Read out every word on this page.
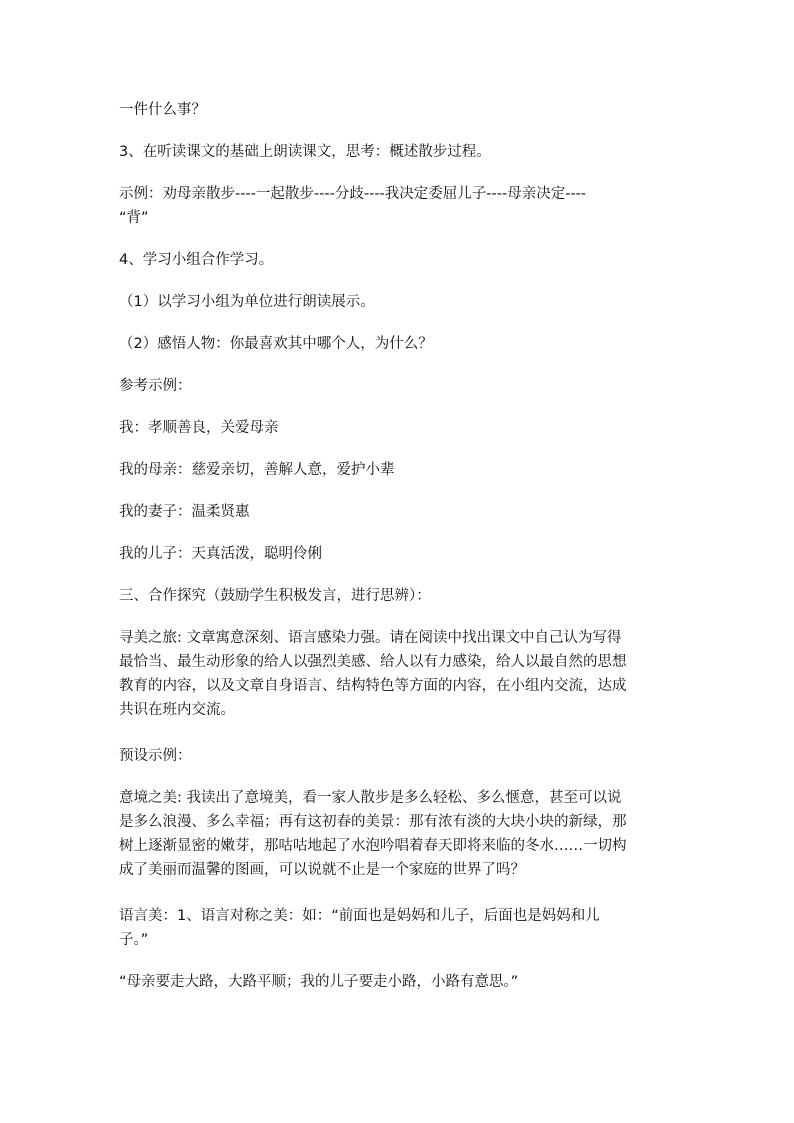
一件什么事？
3、在听读课文的基础上朗读课文，思考：概述散步过程。
示例：劝母亲散步----一起散步----分歧----我决定委屈儿子----母亲决定----
“背”
4、学习小组合作学习。
（1）以学习小组为单位进行朗读展示。
（2）感悟人物：你最喜欢其中哪个人，为什么？
参考示例：
我：孝顺善良，关爱母亲
我的母亲：慈爱亲切，善解人意，爱护小辈
我的妻子：温柔贤惠
我的儿子：天真活泼，聪明伶俐
三、合作探究（鼓励学生积极发言，进行思辨）：
寻美之旅: 文章寓意深刻、语言感染力强。请在阅读中找出课文中自己认为写得
最恰当、最生动形象的给人以强烈美感、给人以有力感染，给人以最自然的思想
教育的内容，以及文章自身语言、结构特色等方面的内容，在小组内交流，达成
共识在班内交流。
预设示例：
意境之美: 我读出了意境美，看一家人散步是多么轻松、多么惬意，甚至可以说
是多么浪漫、多么幸福；再有这初春的美景：那有浓有淡的大块小块的新绿，那
树上逐渐显密的嫩芽，那咕咕地起了水泡吟唱着春天即将来临的冬水……一切构
成了美丽而温馨的图画，可以说就不止是一个家庭的世界了吗？
语言美：1、语言对称之美：如：“前面也是妈妈和儿子，后面也是妈妈和儿
子。”
“母亲要走大路，大路平顺；我的儿子要走小路，小路有意思。”
